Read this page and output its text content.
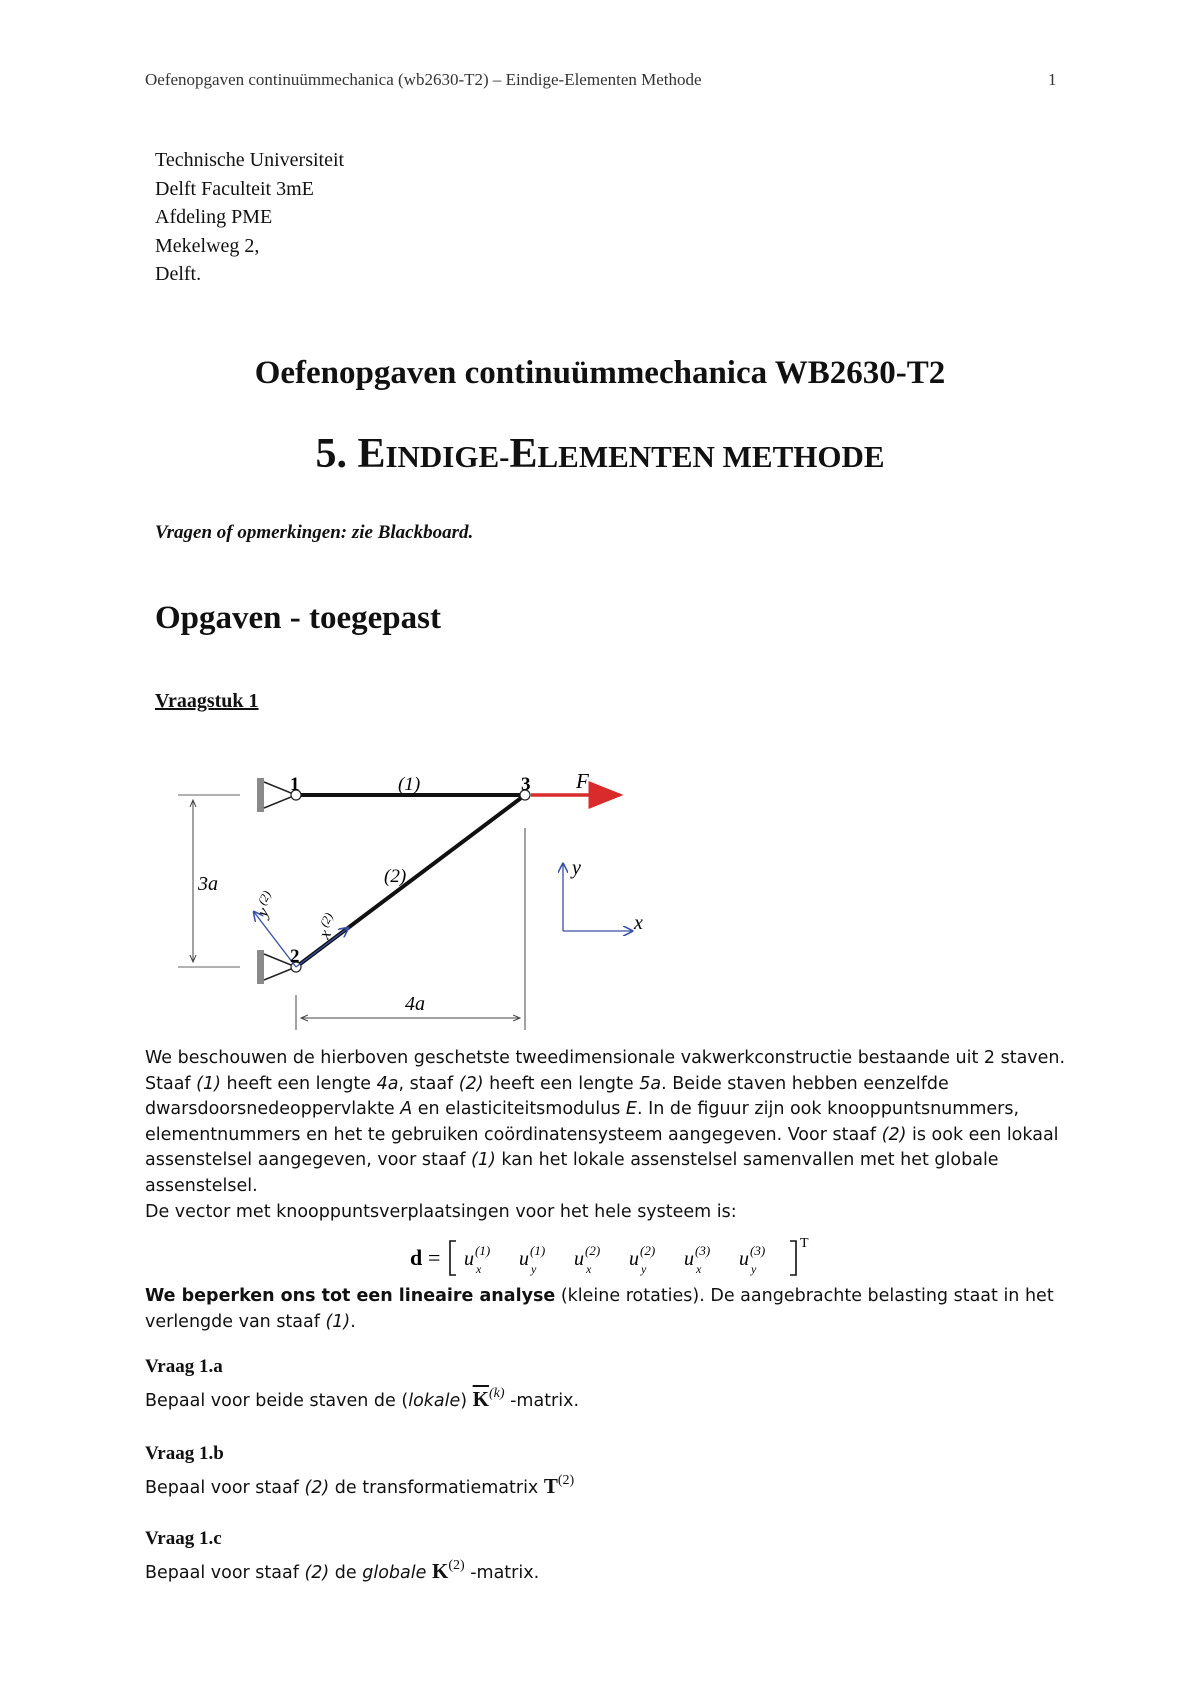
Oefenopgaven continuümmechanica (wb2630-T2) – Eindige-Elementen Methode	1
Technische Universiteit
Delft Faculteit 3mE
Afdeling PME
Mekelweg 2,
Delft.
Oefenopgaven continuümmechanica WB2630-T2
5. EINDIGE-ELEMENTEN METHODE
Vragen of opmerkingen: zie Blackboard.
Opgaven - toegepast
Vraagstuk 1
1
2
3
(1)
(2)
F
3a
4a
y
x
x
(2)
y
(2)

We beschouwen de hierboven geschetste tweedimensionale vakwerkconstructie bestaande uit 2 staven.

Staaf (1) heeft een lengte 4a, staaf (2) heeft een lengte 5a. Beide staven hebben eenzelfde dwarsdoorsnedeoppervlakte A en elasticiteitsmodulus E. In de figuur zijn ook knooppuntsnummers, elementnummers en het te gebruiken coördinatensysteem aangegeven. Voor staaf (2) is ook een lokaal assenstelsel aangegeven, voor staaf (1) kan het lokale assenstelsel samenvallen met het globale assenstelsel.

De vector met knooppuntsverplaatsingen voor het hele systeem is:

d = u (1)
x u (1)
y u (2)
x u (2)
y u (3)
x u (3)
y
T
We beperken ons tot een lineaire analyse (kleine rotaties). De aangebrachte belasting staat in het verlengde van staaf (1).
Vraag 1.a
Bepaal voor beide staven de (lokale) $\overline{K}^{(k)}$ -matrix.
Vraag 1.b
Bepaal voor staaf (2) de transformatiematrix $T^{(2)}$
Vraag 1.c
Bepaal voor staaf (2) de globale $K^{(2)}$ -matrix.
